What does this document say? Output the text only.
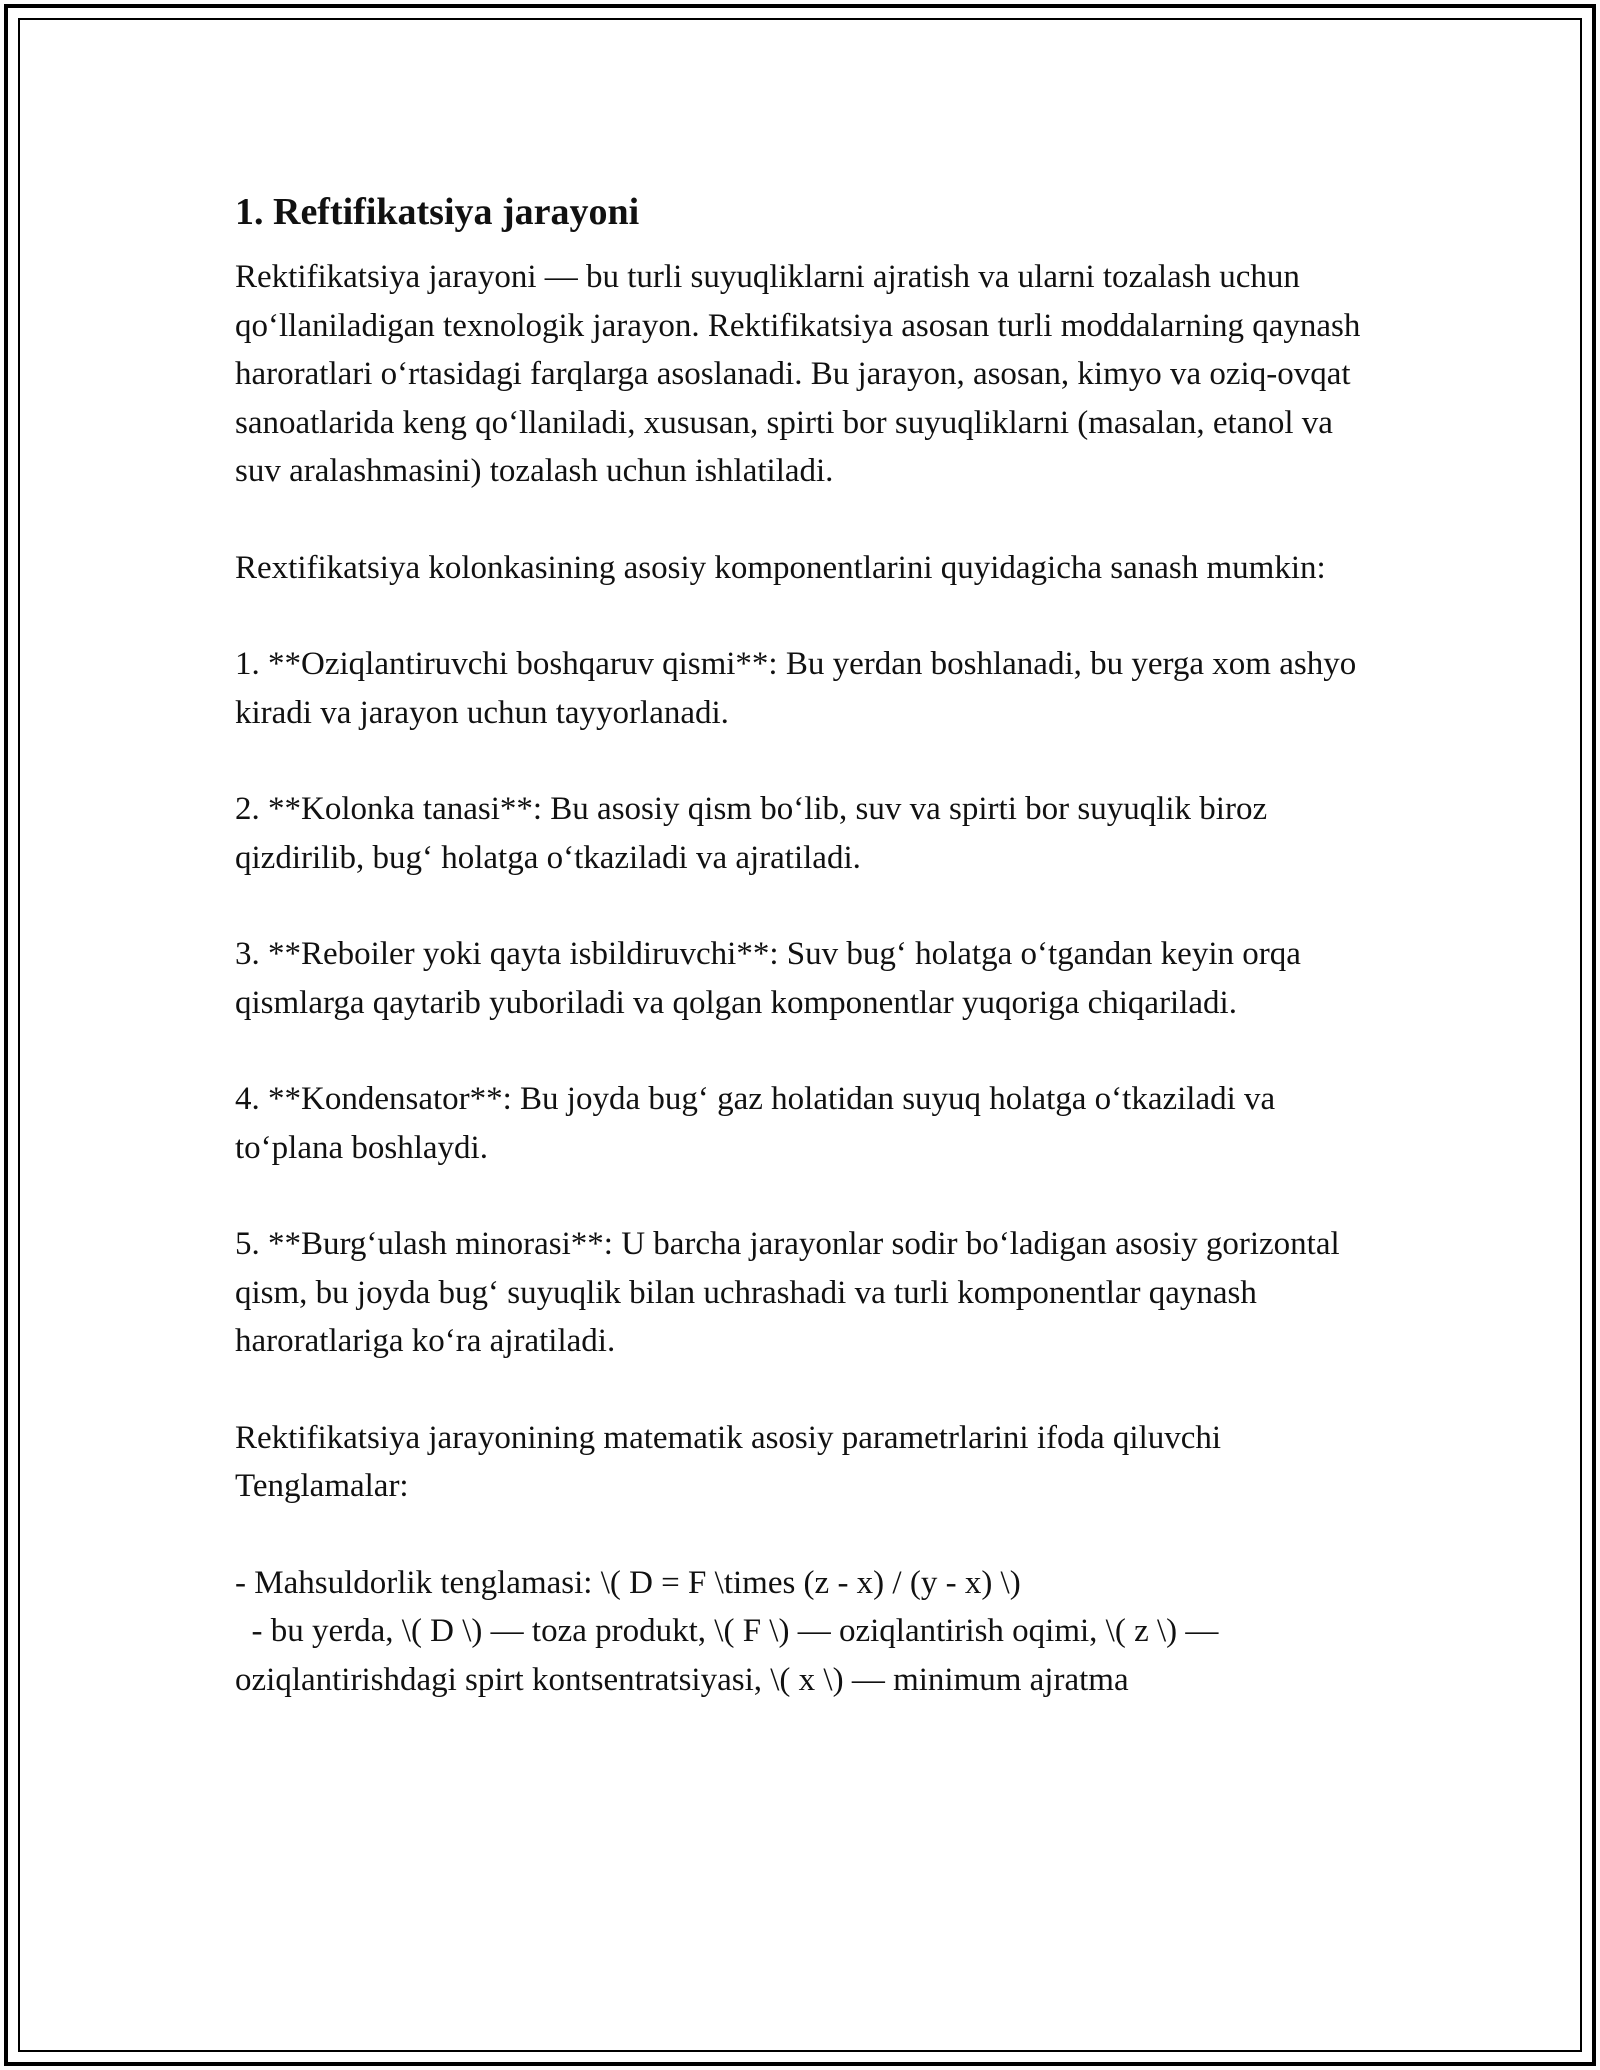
1. Reftifikatsiya jarayoni

Rektifikatsiya jarayoni — bu turli suyuqliklarni ajratish va ularni tozalash uchun qo‘llaniladigan texnologik jarayon. Rektifikatsiya asosan turli moddalarning qaynash haroratlari o‘rtasidagi farqlarga asoslanadi. Bu jarayon, asosan, kimyo va oziq-ovqat sanoatlarida keng qo‘llaniladi, xususan, spirti bor suyuqliklarni (masalan, etanol va suv aralashmasini) tozalash uchun ishlatiladi.

Rextifikatsiya kolonkasining asosiy komponentlarini quyidagicha sanash mumkin:

1. **Oziqlantiruvchi boshqaruv qismi**: Bu yerdan boshlanadi, bu yerga xom ashyo kiradi va jarayon uchun tayyorlanadi.

2. **Kolonka tanasi**: Bu asosiy qism bo‘lib, suv va spirti bor suyuqlik biroz qizdirilib, bug‘ holatga o‘tkaziladi va ajratiladi.

3. **Reboiler yoki qayta isbildiruvchi**: Suv bug‘ holatga o‘tgandan keyin orqa qismlarga qaytarib yuboriladi va qolgan komponentlar yuqoriga chiqariladi.

4. **Kondensator**: Bu joyda bug‘ gaz holatidan suyuq holatga o‘tkaziladi va to‘plana boshlaydi.

5. **Burg‘ulash minorasi**: U barcha jarayonlar sodir bo‘ladigan asosiy gorizontal qism, bu joyda bug‘ suyuqlik bilan uchrashadi va turli komponentlar qaynash haroratlariga ko‘ra ajratiladi.

Rektifikatsiya jarayonining matematik asosiy parametrlarini ifoda qiluvchi Tenglamalar:

- Mahsuldorlik tenglamasi: \( D = F \times (z - x) / (y - x) \)
- bu yerda, \( D \) — toza produkt, \( F \) — oziqlantirish oqimi, \( z \) — oziqlantirishdagi spirt kontsentratsiyasi, \( x \) — minimum ajratma
